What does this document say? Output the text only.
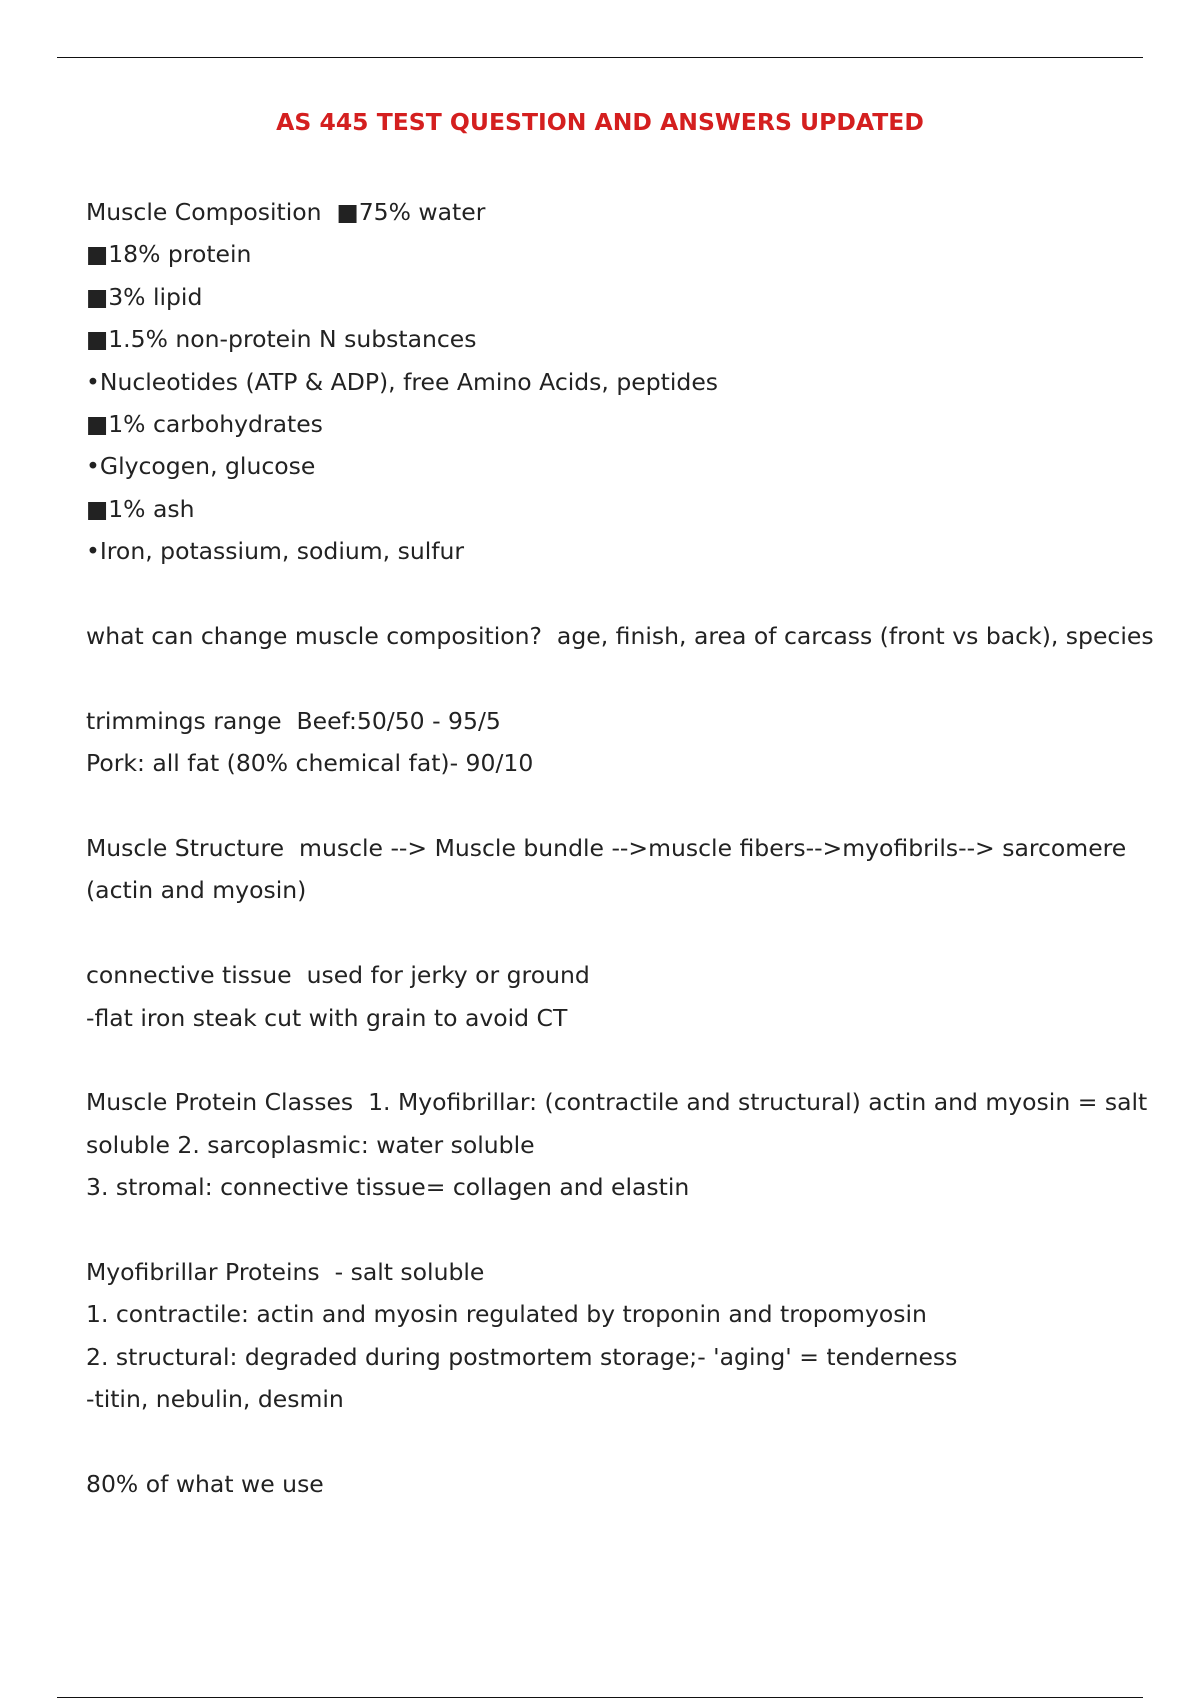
AS 445 TEST QUESTION AND ANSWERS UPDATED
Muscle Composition  ■75% water
■18% protein
■3% lipid
■1.5% non-protein N substances
•Nucleotides (ATP & ADP), free Amino Acids, peptides
■1% carbohydrates
•Glycogen, glucose
■1% ash
•Iron, potassium, sodium, sulfur
what can change muscle composition?  age, finish, area of carcass (front vs back), species
trimmings range  Beef:50/50 - 95/5
Pork: all fat (80% chemical fat)- 90/10
Muscle Structure  muscle --> Muscle bundle -->muscle fibers-->myofibrils--> sarcomere
(actin and myosin)
connective tissue  used for jerky or ground
-flat iron steak cut with grain to avoid CT
Muscle Protein Classes  1. Myofibrillar: (contractile and structural) actin and myosin = salt
soluble 2. sarcoplasmic: water soluble
3. stromal: connective tissue= collagen and elastin
Myofibrillar Proteins  - salt soluble
1. contractile: actin and myosin regulated by troponin and tropomyosin
2. structural: degraded during postmortem storage;- 'aging' = tenderness
-titin, nebulin, desmin
80% of what we use
